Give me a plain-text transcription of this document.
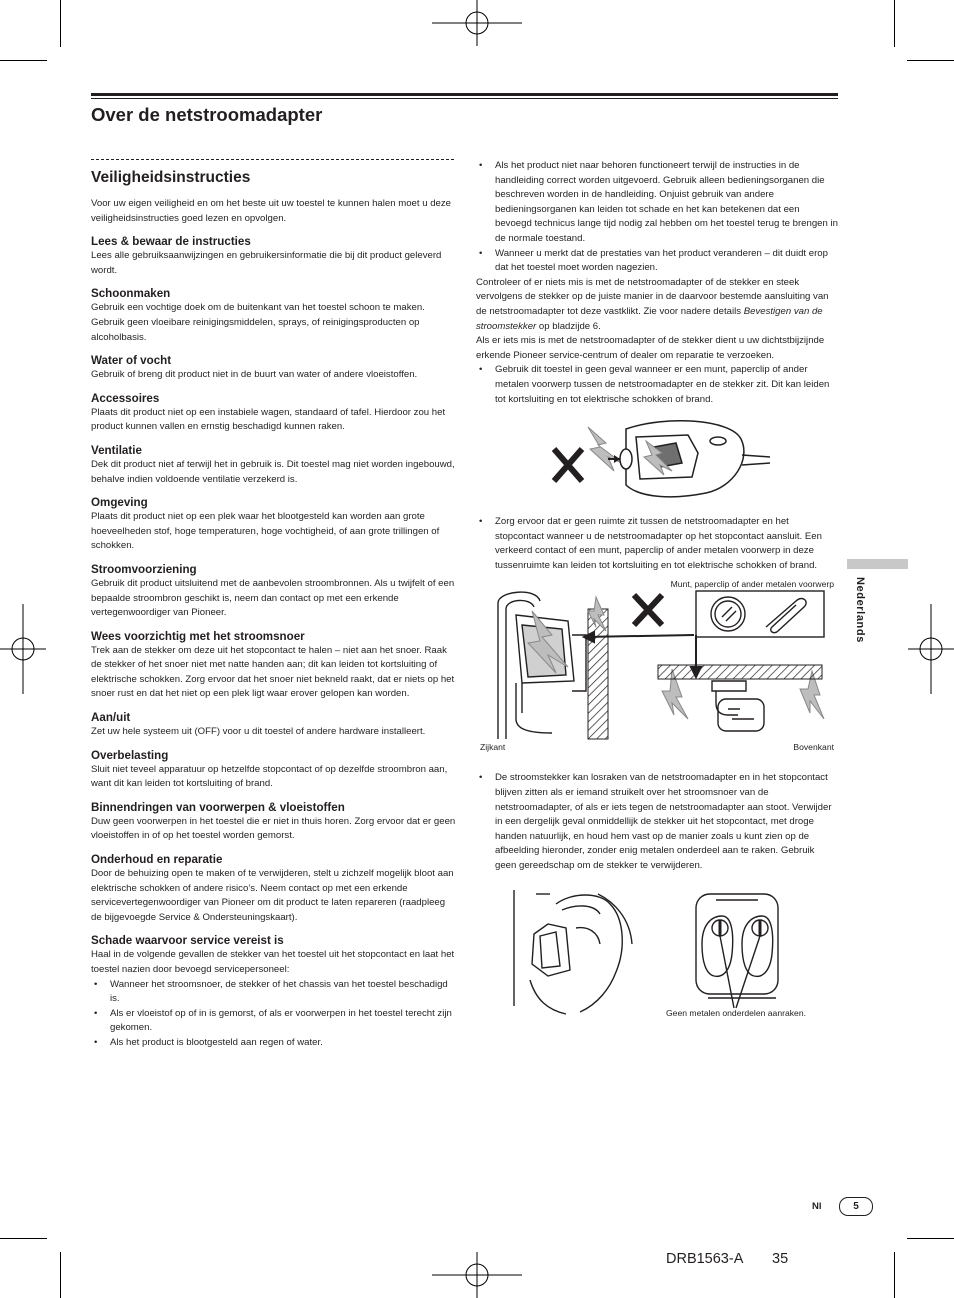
Over de netstroomadapter
Veiligheidsinstructies

Voor uw eigen veiligheid en om het beste uit uw toestel te kunnen halen moet u deze veiligheidsinstructies goed lezen en opvolgen.

Lees & bewaar de instructies

Lees alle gebruiksaanwijzingen en gebruikersinformatie die bij dit product geleverd wordt.

Schoonmaken

Gebruik een vochtige doek om de buitenkant van het toestel schoon te maken. Gebruik geen vloeibare reinigingsmiddelen, sprays, of reinigingsproducten op alcoholbasis.

Water of vocht

Gebruik of breng dit product niet in de buurt van water of andere vloeistoffen.

Accessoires

Plaats dit product niet op een instabiele wagen, standaard of tafel. Hierdoor zou het product kunnen vallen en ernstig beschadigd kunnen raken.

Ventilatie

Dek dit product niet af terwijl het in gebruik is. Dit toestel mag niet worden ingebouwd, behalve indien voldoende ventilatie verzekerd is.

Omgeving

Plaats dit product niet op een plek waar het blootgesteld kan worden aan grote hoeveelheden stof, hoge temperaturen, hoge vochtigheid, of aan grote trillingen of schokken.

Stroomvoorziening

Gebruik dit product uitsluitend met de aanbevolen stroombronnen. Als u twijfelt of een bepaalde stroombron geschikt is, neem dan contact op met een erkende vertegenwoordiger van Pioneer.

Wees voorzichtig met het stroomsnoer

Trek aan de stekker om deze uit het stopcontact te halen – niet aan het snoer. Raak de stekker of het snoer niet met natte handen aan; dit kan leiden tot kortsluiting of elektrische schokken. Zorg ervoor dat het snoer niet bekneld raakt, dat er niets op het snoer rust en dat het niet op een plek ligt waar erover gelopen kan worden.

Aan/uit

Zet uw hele systeem uit (OFF) voor u dit toestel of andere hardware installeert.

Overbelasting

Sluit niet teveel apparatuur op hetzelfde stopcontact of op dezelfde stroombron aan, want dit kan leiden tot kortsluiting of brand.

Binnendringen van voorwerpen & vloeistoffen

Duw geen voorwerpen in het toestel die er niet in thuis horen. Zorg ervoor dat er geen vloeistoffen in of op het toestel worden gemorst.

Onderhoud en reparatie

Door de behuizing open te maken of te verwijderen, stelt u zichzelf mogelijk bloot aan elektrische schokken of andere risico’s. Neem contact op met een erkende servicevertegenwoordiger van Pioneer om dit product te laten repareren (raadpleeg de bijgevoegde Service & Ondersteuningskaart).

Schade waarvoor service vereist is

Haal in de volgende gevallen de stekker van het toestel uit het stopcontact en laat het toestel nazien door bevoegd servicepersoneel:

• Wanneer het stroomsnoer, de stekker of het chassis van het toestel beschadigd is.
• Als er vloeistof op of in is gemorst, of als er voorwerpen in het toestel terecht zijn gekomen.
• Als het product is blootgesteld aan regen of water.
• Als het product niet naar behoren functioneert terwijl de instructies in de handleiding correct worden uitgevoerd. Gebruik alleen bedieningsorganen die beschreven worden in de handleiding. Onjuist gebruik van andere bedieningsorganen kan leiden tot schade en het kan betekenen dat een bevoegd technicus lange tijd nodig zal hebben om het toestel terug te brengen in de normale toestand.
• Wanneer u merkt dat de prestaties van het product veranderen – dit duidt erop dat het toestel moet worden nagezien.

Controleer of er niets mis is met de netstroomadapter of de stekker en steek vervolgens de stekker op de juiste manier in de daarvoor bestemde aansluiting van de netstroomadapter tot deze vastklikt. Zie voor nadere details Bevestigen van de stroomstekker op bladzijde 6.

Als er iets mis is met de netstroomadapter of de stekker dient u uw dichtstbijzijnde erkende Pioneer service-centrum of dealer om reparatie te verzoeken.

• Gebruik dit toestel in geen geval wanneer er een munt, paperclip of ander metalen voorwerp tussen de netstroomadapter en de stekker zit. Dit kan leiden tot kortsluiting en tot elektrische schokken of brand.
• Zorg ervoor dat er geen ruimte zit tussen de netstroomadapter en het stopcontact wanneer u de netstroomadapter op het stopcontact aansluit. Een verkeerd contact of een munt, paperclip of ander metalen voorwerp in deze tussenruimte kan leiden tot kortsluiting en tot elektrische schokken of brand.
Munt, paperclip of ander metalen voorwerp
Zijkant	Bovenkant
• De stroomstekker kan losraken van de netstroomadapter en in het stopcontact blijven zitten als er iemand struikelt over het stroomsnoer van de netstroomadapter, of als er iets tegen de netstroomadapter aan stoot. Verwijder in een dergelijk geval onmiddellijk de stekker uit het stopcontact, met droge handen natuurlijk, en houd hem vast op de manier zoals u kunt zien op de afbeelding hieronder, zonder enig metalen onderdeel aan te raken. Gebruik geen gereedschap om de stekker te verwijderen.
Geen metalen onderdelen aanraken.
Nederlands
Nl	5
DRB1563-A 35
